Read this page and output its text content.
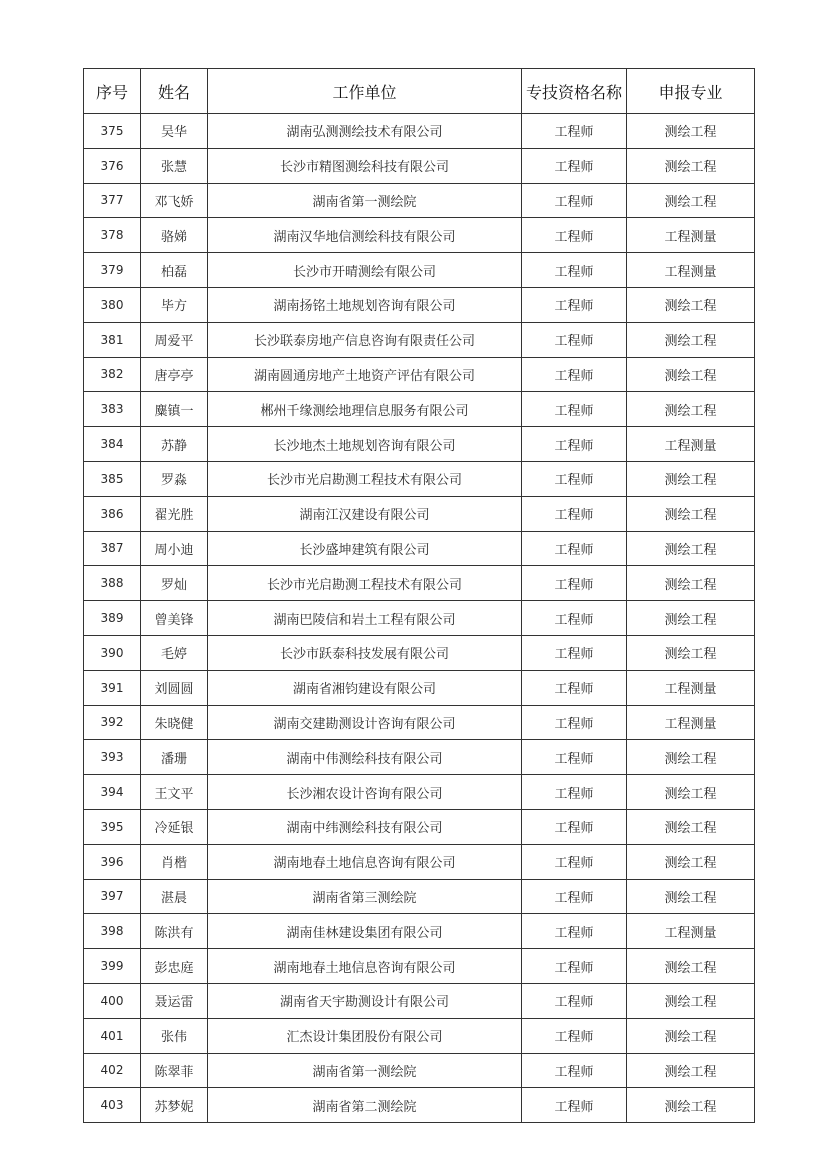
序号	姓名	工作单位	专技资格名称	申报专业
375	吴华	湖南弘测测绘技术有限公司	工程师	测绘工程
376	张慧	长沙市精图测绘科技有限公司	工程师	测绘工程
377	邓飞娇	湖南省第一测绘院	工程师	测绘工程
378	骆娣	湖南汉华地信测绘科技有限公司	工程师	工程测量
379	柏磊	长沙市开晴测绘有限公司	工程师	工程测量
380	毕方	湖南扬铭土地规划咨询有限公司	工程师	测绘工程
381	周爱平	长沙联泰房地产信息咨询有限责任公司	工程师	测绘工程
382	唐亭亭	湖南圆通房地产土地资产评估有限公司	工程师	测绘工程
383	麋镇一	郴州千缘测绘地理信息服务有限公司	工程师	测绘工程
384	苏静	长沙地杰土地规划咨询有限公司	工程师	工程测量
385	罗淼	长沙市光启勘测工程技术有限公司	工程师	测绘工程
386	翟光胜	湖南江汉建设有限公司	工程师	测绘工程
387	周小迪	长沙盛坤建筑有限公司	工程师	测绘工程
388	罗灿	长沙市光启勘测工程技术有限公司	工程师	测绘工程
389	曾美锋	湖南巴陵信和岩土工程有限公司	工程师	测绘工程
390	毛婷	长沙市跃泰科技发展有限公司	工程师	测绘工程
391	刘圆圆	湖南省湘钧建设有限公司	工程师	工程测量
392	朱晓健	湖南交建勘测设计咨询有限公司	工程师	工程测量
393	潘珊	湖南中伟测绘科技有限公司	工程师	测绘工程
394	王文平	长沙湘农设计咨询有限公司	工程师	测绘工程
395	冷延银	湖南中纬测绘科技有限公司	工程师	测绘工程
396	肖楷	湖南地春土地信息咨询有限公司	工程师	测绘工程
397	湛晨	湖南省第三测绘院	工程师	测绘工程
398	陈洪有	湖南佳林建设集团有限公司	工程师	工程测量
399	彭忠庭	湖南地春土地信息咨询有限公司	工程师	测绘工程
400	聂运雷	湖南省天宇勘测设计有限公司	工程师	测绘工程
401	张伟	汇杰设计集团股份有限公司	工程师	测绘工程
402	陈翠菲	湖南省第一测绘院	工程师	测绘工程
403	苏梦妮	湖南省第二测绘院	工程师	测绘工程
